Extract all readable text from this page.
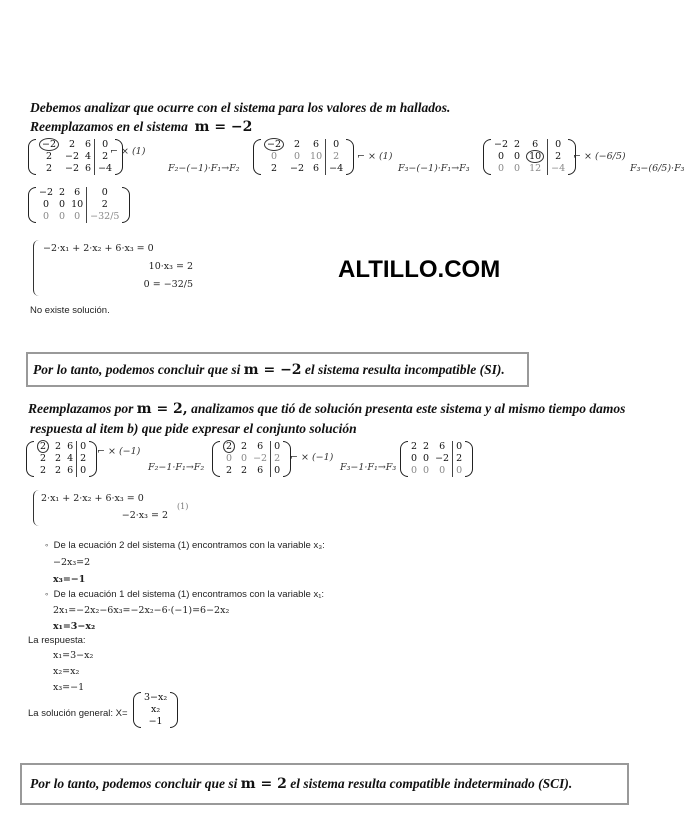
Debemos analizar que ocurre con el sistema para los valores de m hallados.
Reemplazamos en el sistema m = −2
−2	2	6	0
2	−2	4	2
2	−2	6	−4
⌐ × (1)
F₂−(−1)·F₁→F₂
−2	2	6	0
0	0	10	2
2	−2	6	−4
⌐ × (1)
F₃−(−1)·F₁→F₃
−2	2	6	0
0	0	10	2
0	0	12	−4
⌐ × (−6/5)
F₃−(6/5)·F₃
−2	2	6	0
0	0	10	2
0	0	0	−32/5
−2·x₁ + 2·x₂ + 6·x₃ = 0
10·x₃ = 2
0 = −32/5
No existe solución.
ALTILLO.COM
Por lo tanto, podemos concluir que si m = −2 el sistema resulta incompatible (SI).
Reemplazamos por m = 2, analizamos que tió de solución presenta este sistema y al mismo tiempo damos
respuesta al item b) que pide expresar el conjunto solución
2	2	6	0
2	2	4	2
2	2	6	0
⌐ × (−1)
F₂−1·F₁→F₂
2	2	6	0
0	0	−2	2
2	2	6	0
⌐ × (−1)
F₃−1·F₁→F₃
2	2	6	0
0	0	−2	2
0	0	0	0
2·x₁ + 2·x₂ + 6·x₃ = 0
−2·x₃ = 2
(1)
◦  De la ecuación 2 del sistema (1) encontramos con la variable x₃:
−2x₃=2
x₃=−1
◦  De la ecuación 1 del sistema (1) encontramos con la variable x₁:
2x₁=−2x₂−6x₃=−2x₂−6·(−1)=6−2x₂
x₁=3−x₂
La respuesta:
x₁=3−x₂
x₂=x₂
x₃=−1
La solución general: X=
3−x₂
x₂
−1
Por lo tanto, podemos concluir que si m = 2 el sistema resulta compatible indeterminado (SCI).
